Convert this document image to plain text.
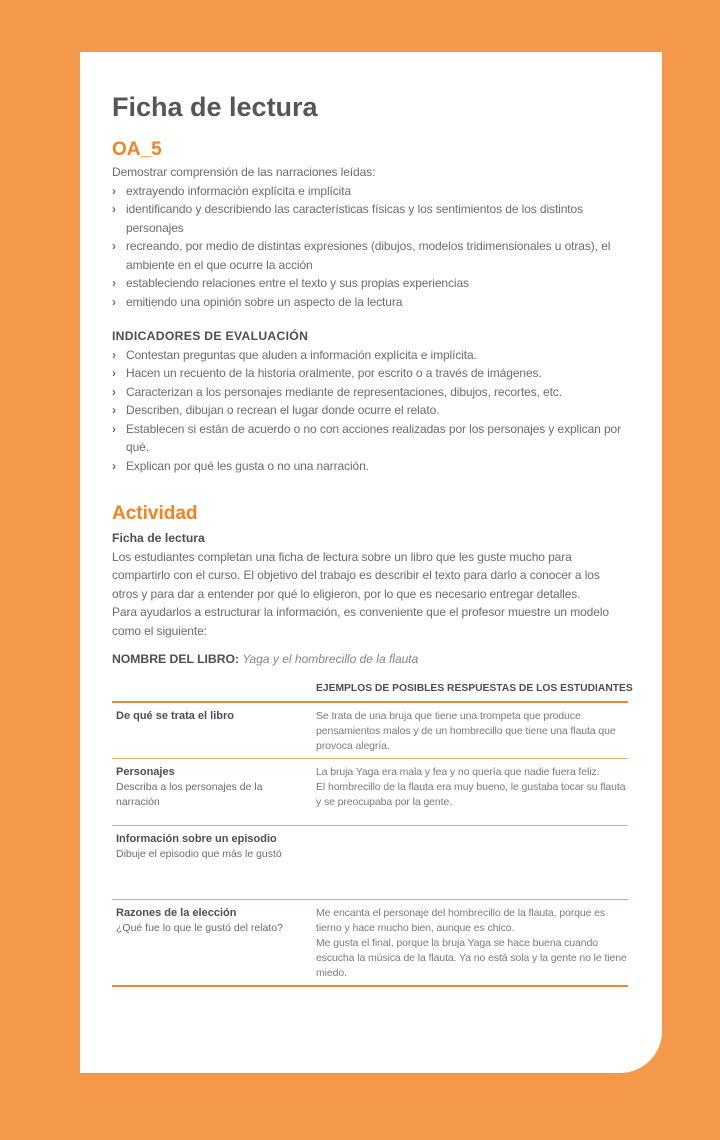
Ficha de lectura
OA_5

Demostrar comprensión de las narraciones leídas:

› extrayendo información explícita e implícita
› identificando y describiendo las características físicas y los sentimientos de los distintos personajes
› recreando, por medio de distintas expresiones (dibujos, modelos tridimensionales u otras), el ambiente en el que ocurre la acción
› estableciendo relaciones entre el texto y sus propias experiencias
› emitiendo una opinión sobre un aspecto de la lectura
INDICADORES DE EVALUACIÓN
› Contestan preguntas que aluden a información explícita e implícita.
› Hacen un recuento de la historia oralmente, por escrito o a través de imágenes.
› Caracterizan a los personajes mediante de representaciones, dibujos, recortes, etc.
› Describen, dibujan o recrean el lugar donde ocurre el relato.
› Establecen si están de acuerdo o no con acciones realizadas por los personajes y explican por qué.
› Explican por qué les gusta o no una narración.
Actividad
Ficha de lectura

Los estudiantes completan una ficha de lectura sobre un libro que les guste mucho para compartirlo con el curso. El objetivo del trabajo es describir el texto para darlo a conocer a los otros y para dar a entender por qué lo eligieron, por lo que es necesario entregar detalles.

Para ayudarlos a estructurar la información, es conveniente que el profesor muestre un modelo como el siguiente:

NOMBRE DEL LIBRO: Yaga y el hombrecillo de la flauta

EJEMPLOS DE POSIBLES RESPUESTAS DE LOS ESTUDIANTES
De qué se trata el libro	Se trata de una bruja que tiene una trompeta que produce pensamientos malos y de un hombrecillo que tiene una flauta que provoca alegría.
Personajes
Describa a los personajes de la narración
La bruja Yaga era mala y fea y no quería que nadie fuera feliz.
El hombrecillo de la flauta era muy bueno, le gustaba tocar su flauta y se preocupaba por la gente.
Información sobre un episodio
Dibuje el episodio que más le gustó
Razones de la elección
¿Qué fue lo que le gustó del relato?
Me encanta el personaje del hombrecillo de la flauta, porque es tierno y hace mucho bien, aunque es chico.
Me gusta el final, porque la bruja Yaga se hace buena cuando escucha la música de la flauta. Ya no está sola y la gente no le tiene miedo.
